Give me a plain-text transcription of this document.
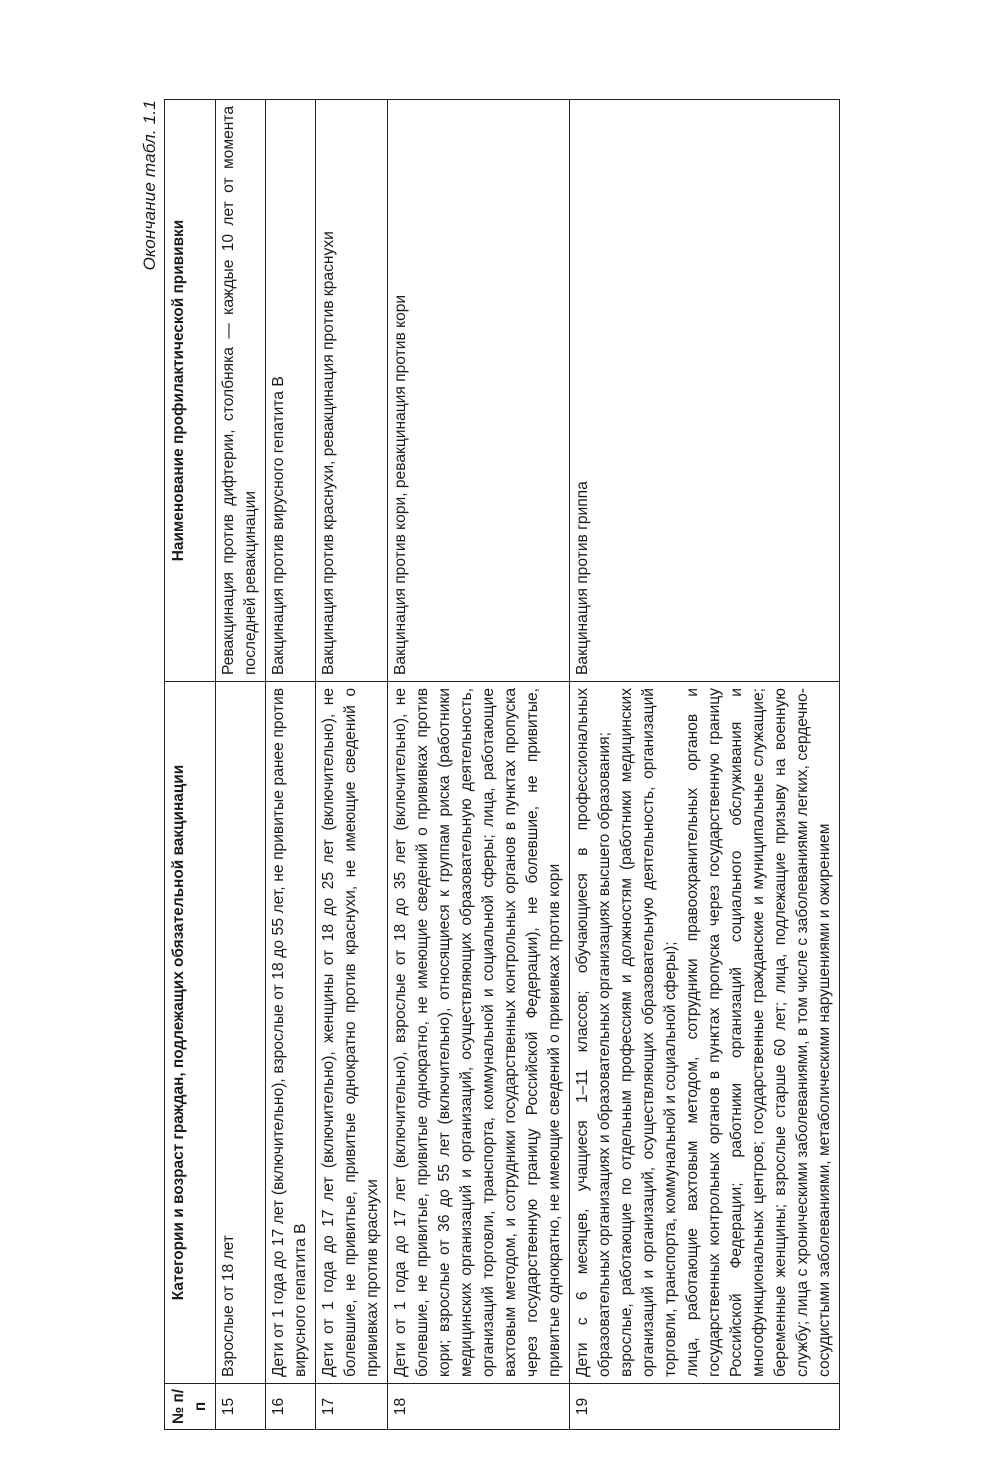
Окончание табл. 1.1
№ п/п	Категории и возраст граждан, подлежащих обязательной вакцинации	Наименование профилактической прививки
15	Взрослые от 18 лет	Ревакцинация против дифтерии, столбняка — каждые 10 лет от момента последней ревакцинации
16	Дети от 1 года до 17 лет (включительно), взрослые от 18 до 55 лет, не привитые ранее против вирусного гепатита В	Вакцинация против вирусного гепатита В
17	Дети от 1 года до 17 лет (включительно), женщины от 18 до 25 лет (включительно), не болевшие, не привитые, привитые однократно против краснухи, не имеющие сведений о прививках против краснухи	Вакцинация против краснухи, ревакцинация против краснухи
18	Дети от 1 года до 17 лет (включительно), взрослые от 18 до 35 лет (включительно), не болевшие, не привитые, привитые однократно, не имеющие сведений о прививках против кори; взрослые от 36 до 55 лет (включительно), относящиеся к группам риска (работники медицинских организаций и организаций, осуществляющих образовательную деятельность, организаций торговли, транспорта, коммунальной и социальной сферы; лица, работающие вахтовым методом, и сотрудники государственных контрольных органов в пунктах пропуска через государственную границу Российской Федерации), не болевшие, не привитые, привитые однократно, не имеющие сведений о прививках против кори	Вакцинация против кори, ревакцинация против кори
19	Дети с 6 месяцев, учащиеся 1–11 классов; обучающиеся в профессиональных образовательных организациях и образовательных организациях высшего образования; взрослые, работающие по отдельным профессиям и должностям (работники медицинских организаций и организаций, осуществляющих образовательную деятельность, организаций торговли, транспорта, коммунальной и социальной сферы); лица, работающие вахтовым методом, сотрудники правоохранительных органов и государственных контрольных органов в пунктах пропуска через государственную границу Российской Федерации; работники организаций социального обслуживания и многофункциональных центров; государственные гражданские и муниципальные служащие; беременные женщины; взрослые старше 60 лет; лица, подлежащие призыву на военную службу; лица с хроническими заболеваниями, в том числе с заболеваниями легких, сердечно-сосудистыми заболеваниями, метаболическими нарушениями и ожирением	Вакцинация против гриппа
